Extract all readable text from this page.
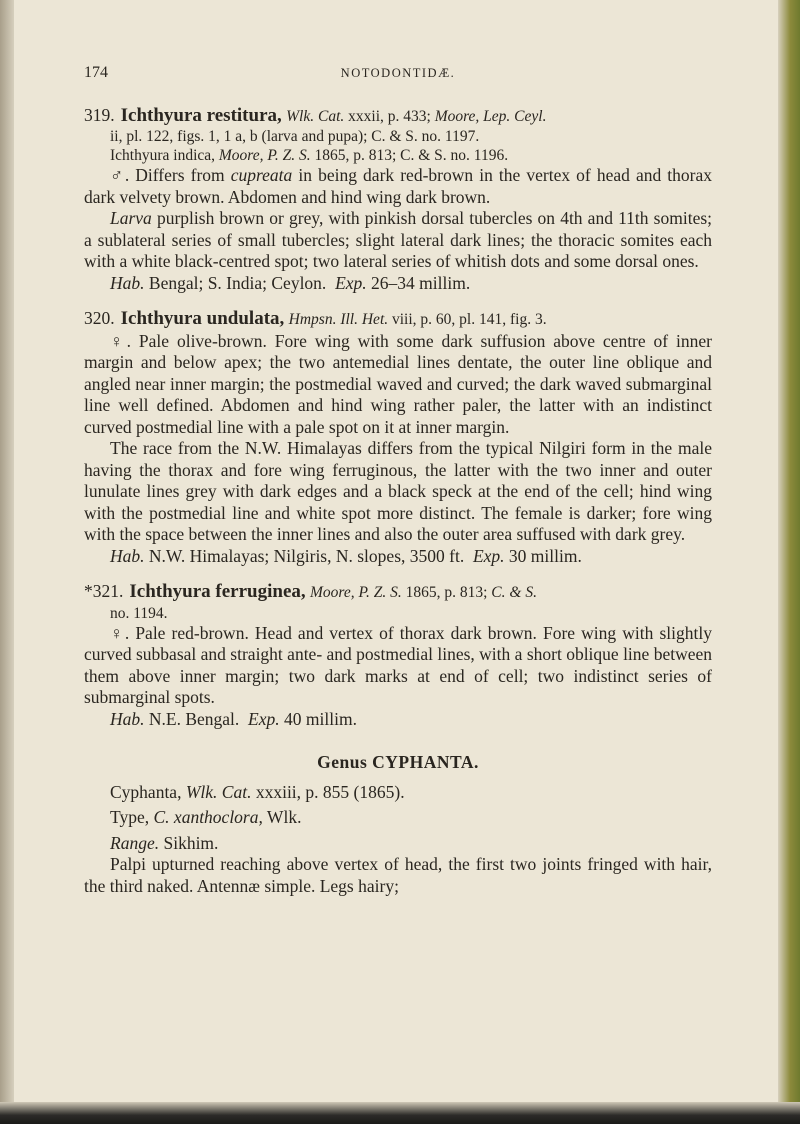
174	NOTODONTIDÆ.

319. Ichthyura restitura, Wlk. Cat. xxxii, p. 433; Moore, Lep. Ceyl.

ii, pl. 122, figs. 1, 1 a, b (larva and pupa); C. & S. no. 1197.

Ichthyura indica, Moore, P. Z. S. 1865, p. 813; C. & S. no. 1196.

♂. Differs from cupreata in being dark red-brown in the vertex of head and thorax dark velvety brown. Abdomen and hind wing dark brown.

Larva purplish brown or grey, with pinkish dorsal tubercles on 4th and 11th somites; a sublateral series of small tubercles; slight lateral dark lines; the thoracic somites each with a white black-centred spot; two lateral series of whitish dots and some dorsal ones.

Hab. Bengal; S. India; Ceylon. Exp. 26–34 millim.

320. Ichthyura undulata, Hmpsn. Ill. Het. viii, p. 60, pl. 141, fig. 3.

♀. Pale olive-brown. Fore wing with some dark suffusion above centre of inner margin and below apex; the two antemedial lines dentate, the outer line oblique and angled near inner margin; the postmedial waved and curved; the dark waved submarginal line well defined. Abdomen and hind wing rather paler, the latter with an indistinct curved postmedial line with a pale spot on it at inner margin.

The race from the N.W. Himalayas differs from the typical Nilgiri form in the male having the thorax and fore wing ferruginous, the latter with the two inner and outer lunulate lines grey with dark edges and a black speck at the end of the cell; hind wing with the postmedial line and white spot more distinct. The female is darker; fore wing with the space between the inner lines and also the outer area suffused with dark grey.

Hab. N.W. Himalayas; Nilgiris, N. slopes, 3500 ft. Exp. 30 millim.

*321. Ichthyura ferruginea, Moore, P. Z. S. 1865, p. 813; C. & S.

no. 1194.

♀. Pale red-brown. Head and vertex of thorax dark brown. Fore wing with slightly curved subbasal and straight ante- and postmedial lines, with a short oblique line between them above inner margin; two dark marks at end of cell; two indistinct series of submarginal spots.

Hab. N.E. Bengal. Exp. 40 millim.

Genus CYPHANTA.

Cyphanta, Wlk. Cat. xxxiii, p. 855 (1865).

Type, C. xanthoclora, Wlk.

Range. Sikhim.

Palpi upturned reaching above vertex of head, the first two joints fringed with hair, the third naked. Antennæ simple. Legs hairy;
